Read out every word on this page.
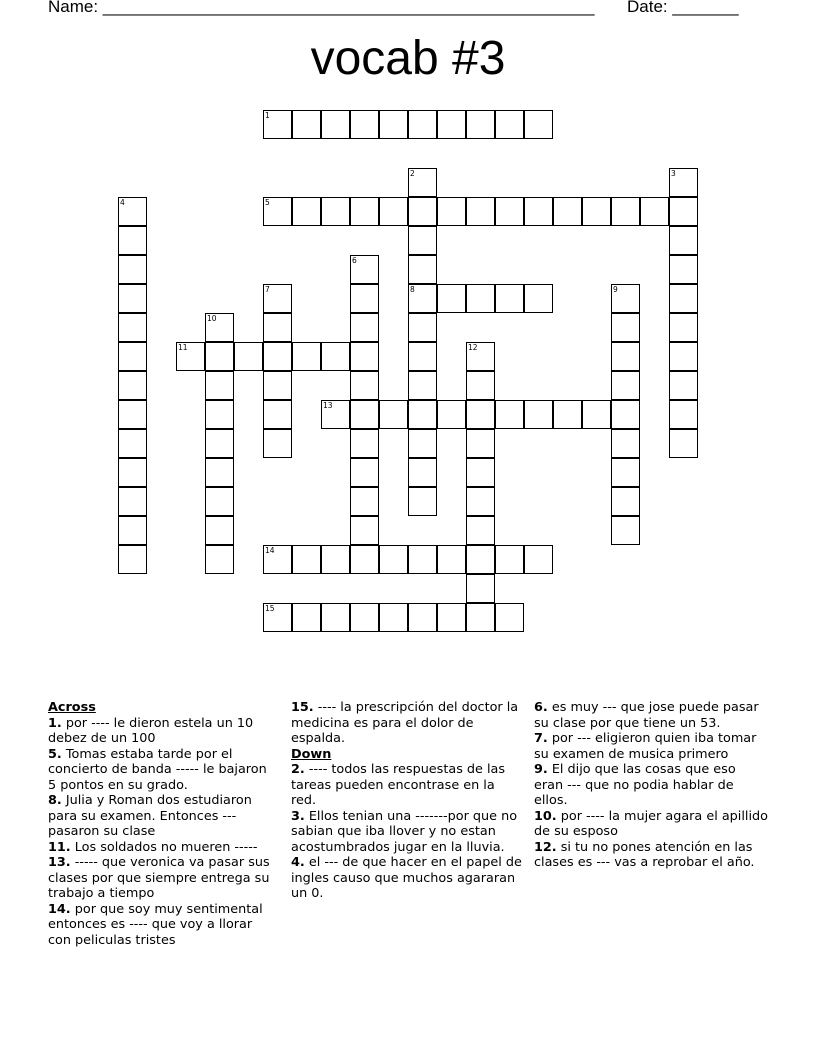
Name: ____________________________________________________ Date: _______
vocab #3
1
2
8
3
4	5
6
7	9
10
11	12
13
14
15
Across
1. por ---- le dieron estela un 10 debez de un 100
5. Tomas estaba tarde por el concierto de banda ----- le bajaron 5 pontos en su grado.
8. Julia y Roman dos estudiaron para su examen. Entonces --- pasaron su clase
11. Los soldados no mueren -----
13. ----- que veronica va pasar sus clases por que siempre entrega su trabajo a tiempo
14. por que soy muy sentimental entonces es ---- que voy a llorar con peliculas tristes
15. ---- la prescripción del doctor la medicina es para el dolor de espalda.
Down
2. ---- todos las respuestas de las tareas pueden encontrase en la red.
3. Ellos tenian una -------por que no sabian que iba llover y no estan acostumbrados jugar en la lluvia.
4. el --- de que hacer en el papel de ingles causo que muchos agararan un 0.
6. es muy --- que jose puede pasar su clase por que tiene un 53.
7. por --- eligieron quien iba tomar su examen de musica primero
9. El dijo que las cosas que eso eran --- que no podia hablar de ellos.
10. por ---- la mujer agara el apillido de su esposo
12. si tu no pones atención en las clases es --- vas a reprobar el año.
